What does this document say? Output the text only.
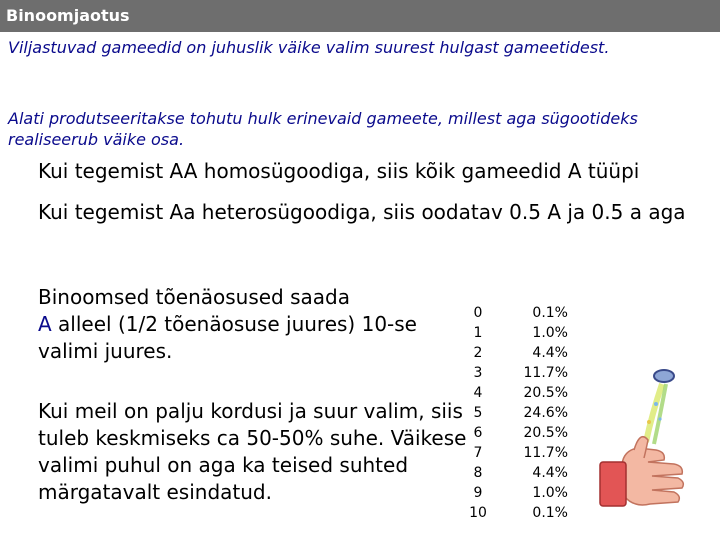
Binoomjaotus

Viljastuvad gameedid on juhuslik väike valim suurest hulgast gameetidest.

Alati produtseeritakse tohutu hulk erinevaid gameete, millest aga sügootideks realiseerub väike osa.

Kui tegemist AA homosügoodiga, siis kõik gameedid A tüüpi

Kui tegemist Aa heterosügoodiga, siis oodatav 0.5 A ja 0.5 a aga

Binoomsed tõenäosused saada
A alleel (1/2 tõenäosuse juures) 10-se valimi juures.

Kui meil on palju kordusi ja suur valim, siis tuleb keskmiseks ca 50-50% suhe. Väikese valimi puhul on aga ka teised suhted märgatavalt esindatud.

0	0.1%
1	1.0%
2	4.4%
3	11.7%
4	20.5%
5	24.6%
6	20.5%
7	11.7%
8	4.4%
9	1.0%
10	0.1%
